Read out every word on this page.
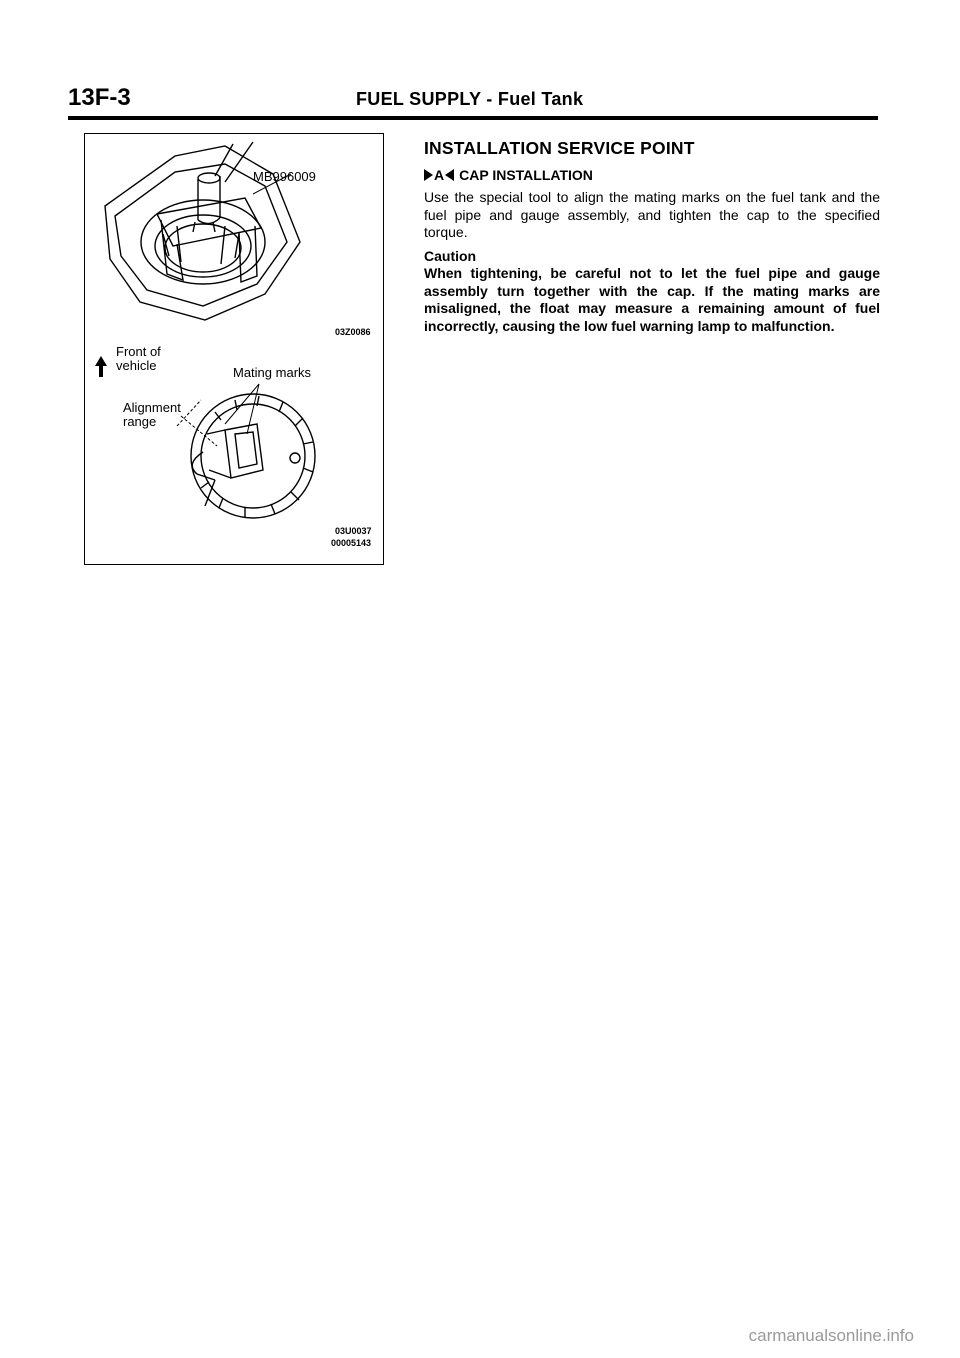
13F-3	FUEL SUPPLY - Fuel Tank
MB996009
03Z0086
Front of vehicle	Mating marks
Alignment range
03U0037
00005143
INSTALLATION SERVICE POINT
A CAP INSTALLATION

Use the special tool to align the mating marks on the fuel tank and the fuel pipe and gauge assembly, and tighten the cap to the specified torque.

Caution

When tightening, be careful not to let the fuel pipe and gauge assembly turn together with the cap. If the mating marks are misaligned, the float may measure a remaining amount of fuel incorrectly, causing the low fuel warning lamp to malfunction.

carmanualsonline.info
